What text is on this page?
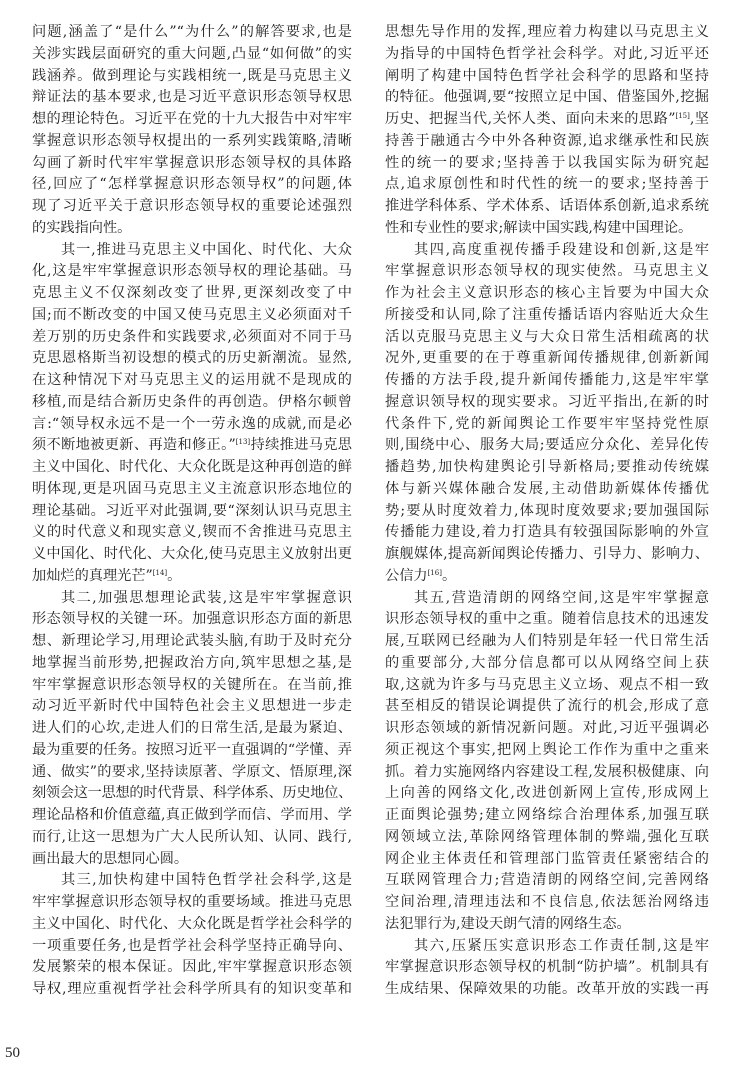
问题,涵盖了“是什么”“为什么”的解答要求,也是
关涉实践层面研究的重大问题,凸显“如何做”的实
践涵养。做到理论与实践相统一,既是马克思主义
辩证法的基本要求,也是习近平意识形态领导权思
想的理论特色。习近平在党的十九大报告中对牢牢
掌握意识形态领导权提出的一系列实践策略,清晰
勾画了新时代牢牢掌握意识形态领导权的具体路
径,回应了“怎样掌握意识形态领导权”的问题,体
现了习近平关于意识形态领导权的重要论述强烈
的实践指向性。
其一,推进马克思主义中国化、时代化、大众
化,这是牢牢掌握意识形态领导权的理论基础。马
克思主义不仅深刻改变了世界,更深刻改变了中
国;而不断改变的中国又使马克思主义必须面对千
差万别的历史条件和实践要求,必须面对不同于马
克思恩格斯当初设想的模式的历史新潮流。显然,
在这种情况下对马克思主义的运用就不是现成的
移植,而是结合新历史条件的再创造。伊格尔顿曾
言:“领导权永远不是一个一劳永逸的成就,而是必
须不断地被更新、再造和修正。”[13]持续推进马克思
主义中国化、时代化、大众化既是这种再创造的鲜
明体现,更是巩固马克思主义主流意识形态地位的
理论基础。习近平对此强调,要“深刻认识马克思主
义的时代意义和现实意义,锲而不舍推进马克思主
义中国化、时代化、大众化,使马克思主义放射出更
加灿烂的真理光芒”[14]。
其二,加强思想理论武装,这是牢牢掌握意识
形态领导权的关键一环。加强意识形态方面的新思
想、新理论学习,用理论武装头脑,有助于及时充分
地掌握当前形势,把握政治方向,筑牢思想之基,是
牢牢掌握意识形态领导权的关键所在。在当前,推
动习近平新时代中国特色社会主义思想进一步走
进人们的心坎,走进人们的日常生活,是最为紧迫、
最为重要的任务。按照习近平一直强调的“学懂、弄
通、做实”的要求,坚持读原著、学原文、悟原理,深
刻领会这一思想的时代背景、科学体系、历史地位、
理论品格和价值意蕴,真正做到学而信、学而用、学
而行,让这一思想为广大人民所认知、认同、践行,
画出最大的思想同心圆。
其三,加快构建中国特色哲学社会科学,这是
牢牢掌握意识形态领导权的重要场域。推进马克思
主义中国化、时代化、大众化既是哲学社会科学的
一项重要任务,也是哲学社会科学坚持正确导向、
发展繁荣的根本保证。因此,牢牢掌握意识形态领
导权,理应重视哲学社会科学所具有的知识变革和
思想先导作用的发挥,理应着力构建以马克思主义
为指导的中国特色哲学社会科学。对此,习近平还
阐明了构建中国特色哲学社会科学的思路和坚持
的特征。他强调,要“按照立足中国、借鉴国外,挖掘
历史、把握当代,关怀人类、面向未来的思路”[15],坚
持善于融通古今中外各种资源,追求继承性和民族
性的统一的要求;坚持善于以我国实际为研究起
点,追求原创性和时代性的统一的要求;坚持善于
推进学科体系、学术体系、话语体系创新,追求系统
性和专业性的要求;解读中国实践,构建中国理论。
其四,高度重视传播手段建设和创新,这是牢
牢掌握意识形态领导权的现实使然。马克思主义
作为社会主义意识形态的核心主旨要为中国大众
所接受和认同,除了注重传播话语内容贴近大众生
活以克服马克思主义与大众日常生活相疏离的状
况外,更重要的在于尊重新闻传播规律,创新新闻
传播的方法手段,提升新闻传播能力,这是牢牢掌
握意识领导权的现实要求。习近平指出,在新的时
代条件下,党的新闻舆论工作要牢牢坚持党性原
则,围绕中心、服务大局;要适应分众化、差异化传
播趋势,加快构建舆论引导新格局;要推动传统媒
体与新兴媒体融合发展,主动借助新媒体传播优
势;要从时度效着力,体现时度效要求;要加强国际
传播能力建设,着力打造具有较强国际影响的外宣
旗舰媒体,提高新闻舆论传播力、引导力、影响力、
公信力[16]。
其五,营造清朗的网络空间,这是牢牢掌握意
识形态领导权的重中之重。随着信息技术的迅速发
展,互联网已经融为人们特别是年轻一代日常生活
的重要部分,大部分信息都可以从网络空间上获
取,这就为许多与马克思主义立场、观点不相一致
甚至相反的错误论调提供了流行的机会,形成了意
识形态领域的新情况新问题。对此,习近平强调必
须正视这个事实,把网上舆论工作作为重中之重来
抓。着力实施网络内容建设工程,发展积极健康、向
上向善的网络文化,改进创新网上宣传,形成网上
正面舆论强势;建立网络综合治理体系,加强互联
网领域立法,革除网络管理体制的弊端,强化互联
网企业主体责任和管理部门监管责任紧密结合的
互联网管理合力;营造清朗的网络空间,完善网络
空间治理,清理违法和不良信息,依法惩治网络违
法犯罪行为,建设天朗气清的网络生态。
其六,压紧压实意识形态工作责任制,这是牢
牢掌握意识形态领导权的机制“防护墙”。机制具有
生成结果、保障效果的功能。改革开放的实践一再
50
